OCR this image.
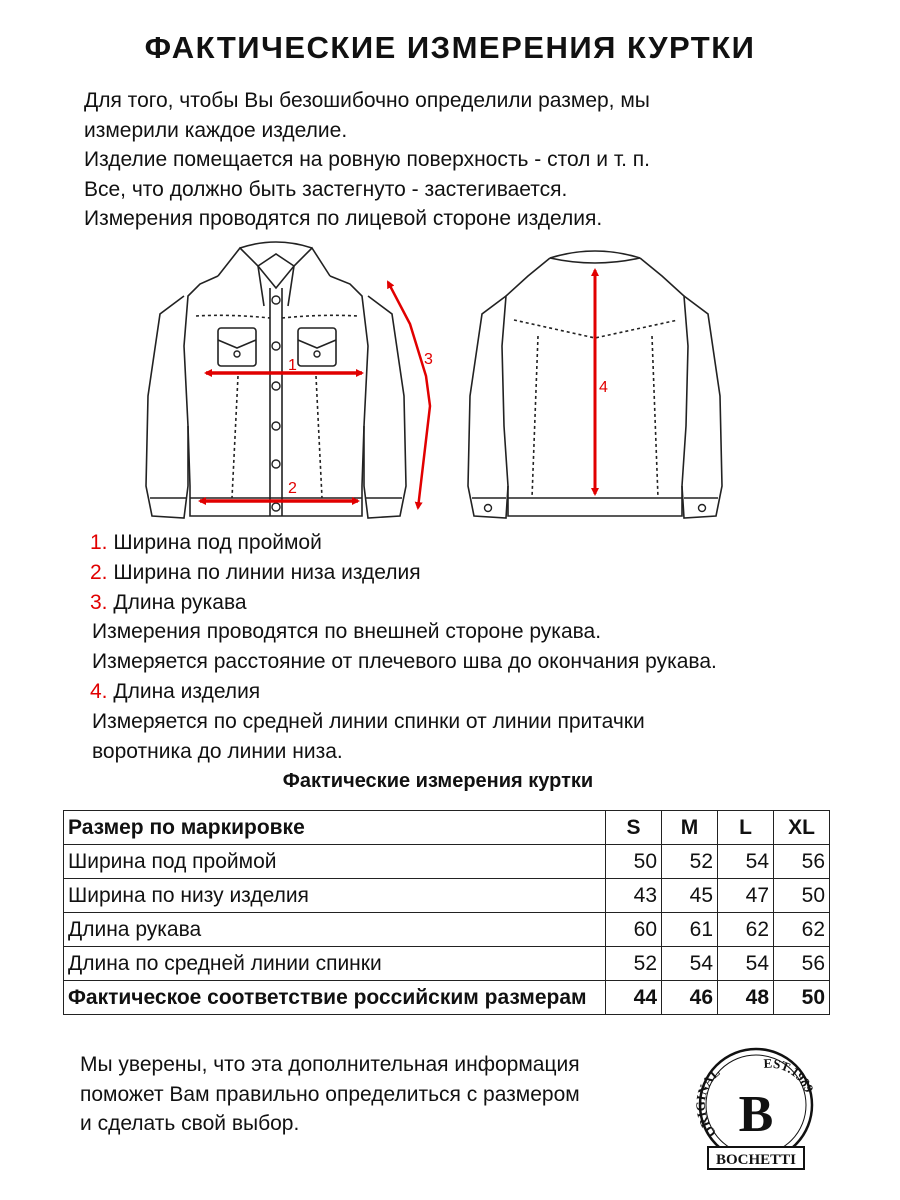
ФАКТИЧЕСКИЕ ИЗМЕРЕНИЯ КУРТКИ
Для того, чтобы Вы безошибочно определили размер, мы
измерили каждое изделие.
Изделие помещается на ровную поверхность - стол и т. п.
Все, что должно быть застегнуто - застегивается.
Измерения проводятся по лицевой стороне изделия.
1
2
3
4
1. Ширина под проймой
2. Ширина по линии низа изделия
3. Длина рукава
Измерения проводятся по внешней стороне рукава.
Измеряется расстояние от плечевого шва до окончания рукава.
4. Длина изделия
Измеряется по средней линии спинки от линии притачки
воротника до линии низа.
Фактические измерения куртки
Размер по маркировке	S	M	L	XL
Ширина под проймой	50	52	54	56
Ширина по низу изделия	43	45	47	50
Длина рукава	60	61	62	62
Длина по средней линии спинки	52	54	54	56
Фактическое соответствие российским размерам	44	46	48	50
Мы уверены, что эта дополнительная информация
поможет Вам правильно определиться с размером
и сделать свой выбор.	ORIGINAL
EST.1989
B
BOCHETTI
